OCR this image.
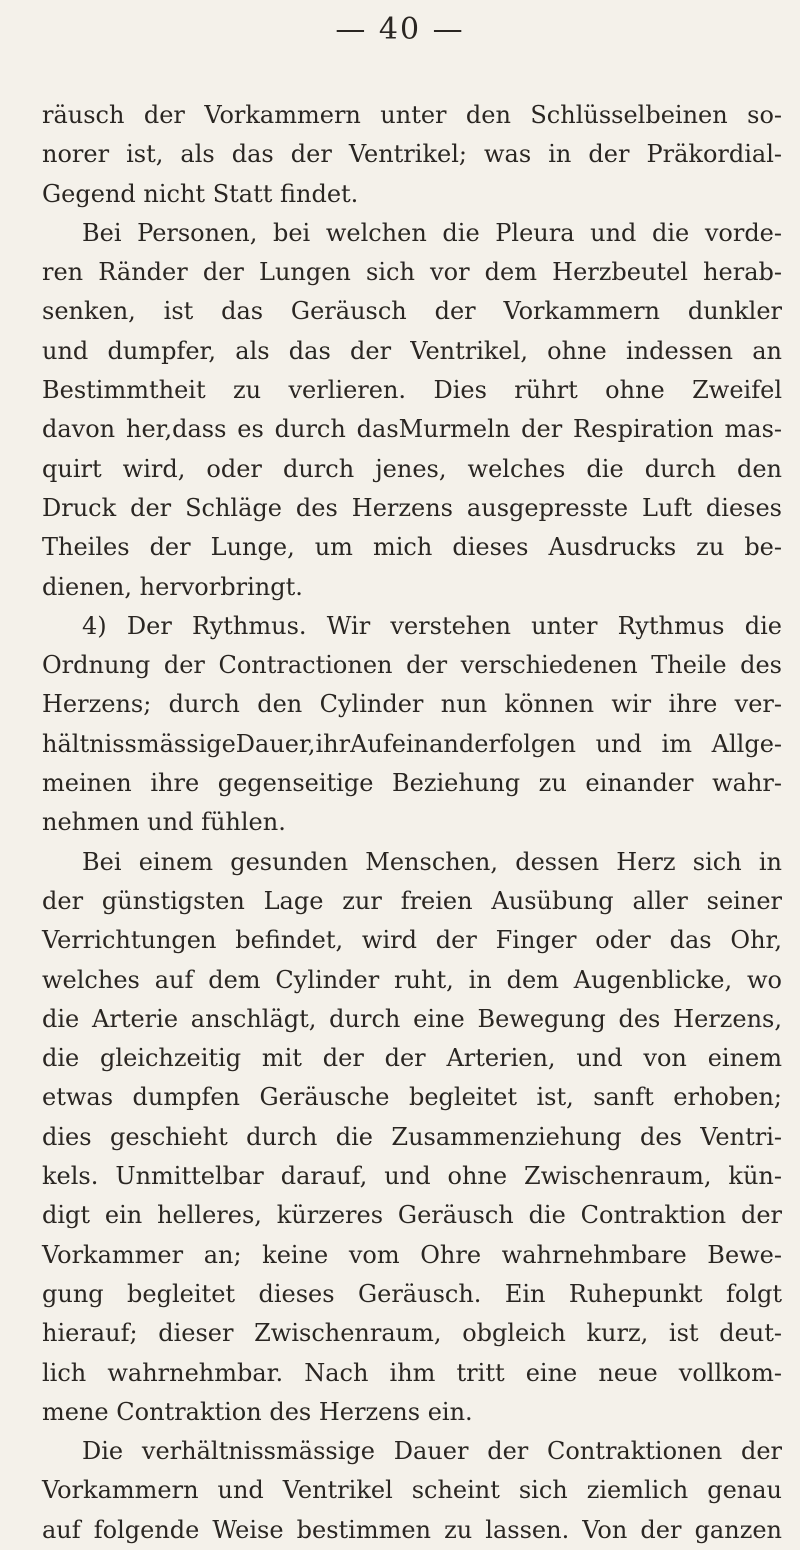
— 40 —
räusch der Vorkammern unter den Schlüsselbeinen so-
norer ist, als das der Ventrikel; was in der Präkordial-
Gegend nicht Statt findet.
Bei Personen, bei welchen die Pleura und die vorde-
ren Ränder der Lungen sich vor dem Herzbeutel herab-
senken, ist das Geräusch der Vorkammern dunkler
und dumpfer, als das der Ventrikel, ohne indessen an
Bestimmtheit zu verlieren. Dies rührt ohne Zweifel
davon her,dass es durch dasMurmeln der Respiration mas-
quirt wird, oder durch jenes, welches die durch den
Druck der Schläge des Herzens ausgepresste Luft dieses
Theiles der Lunge, um mich dieses Ausdrucks zu be-
dienen, hervorbringt.
4) Der Rythmus. Wir verstehen unter Rythmus die
Ordnung der Contractionen der verschiedenen Theile des
Herzens; durch den Cylinder nun können wir ihre ver-
hältnissmässigeDauer,ihrAufeinanderfolgen und im Allge-
meinen ihre gegenseitige Beziehung zu einander wahr-
nehmen und fühlen.
Bei einem gesunden Menschen, dessen Herz sich in
der günstigsten Lage zur freien Ausübung aller seiner
Verrichtungen befindet, wird der Finger oder das Ohr,
welches auf dem Cylinder ruht, in dem Augenblicke, wo
die Arterie anschlägt, durch eine Bewegung des Herzens,
die gleichzeitig mit der der Arterien, und von einem
etwas dumpfen Geräusche begleitet ist, sanft erhoben;
dies geschieht durch die Zusammenziehung des Ventri-
kels. Unmittelbar darauf, und ohne Zwischenraum, kün-
digt ein helleres, kürzeres Geräusch die Contraktion der
Vorkammer an; keine vom Ohre wahrnehmbare Bewe-
gung begleitet dieses Geräusch. Ein Ruhepunkt folgt
hierauf; dieser Zwischenraum, obgleich kurz, ist deut-
lich wahrnehmbar. Nach ihm tritt eine neue vollkom-
mene Contraktion des Herzens ein.
Die verhältnissmässige Dauer der Contraktionen der
Vorkammern und Ventrikel scheint sich ziemlich genau
auf folgende Weise bestimmen zu lassen. Von der ganzen
